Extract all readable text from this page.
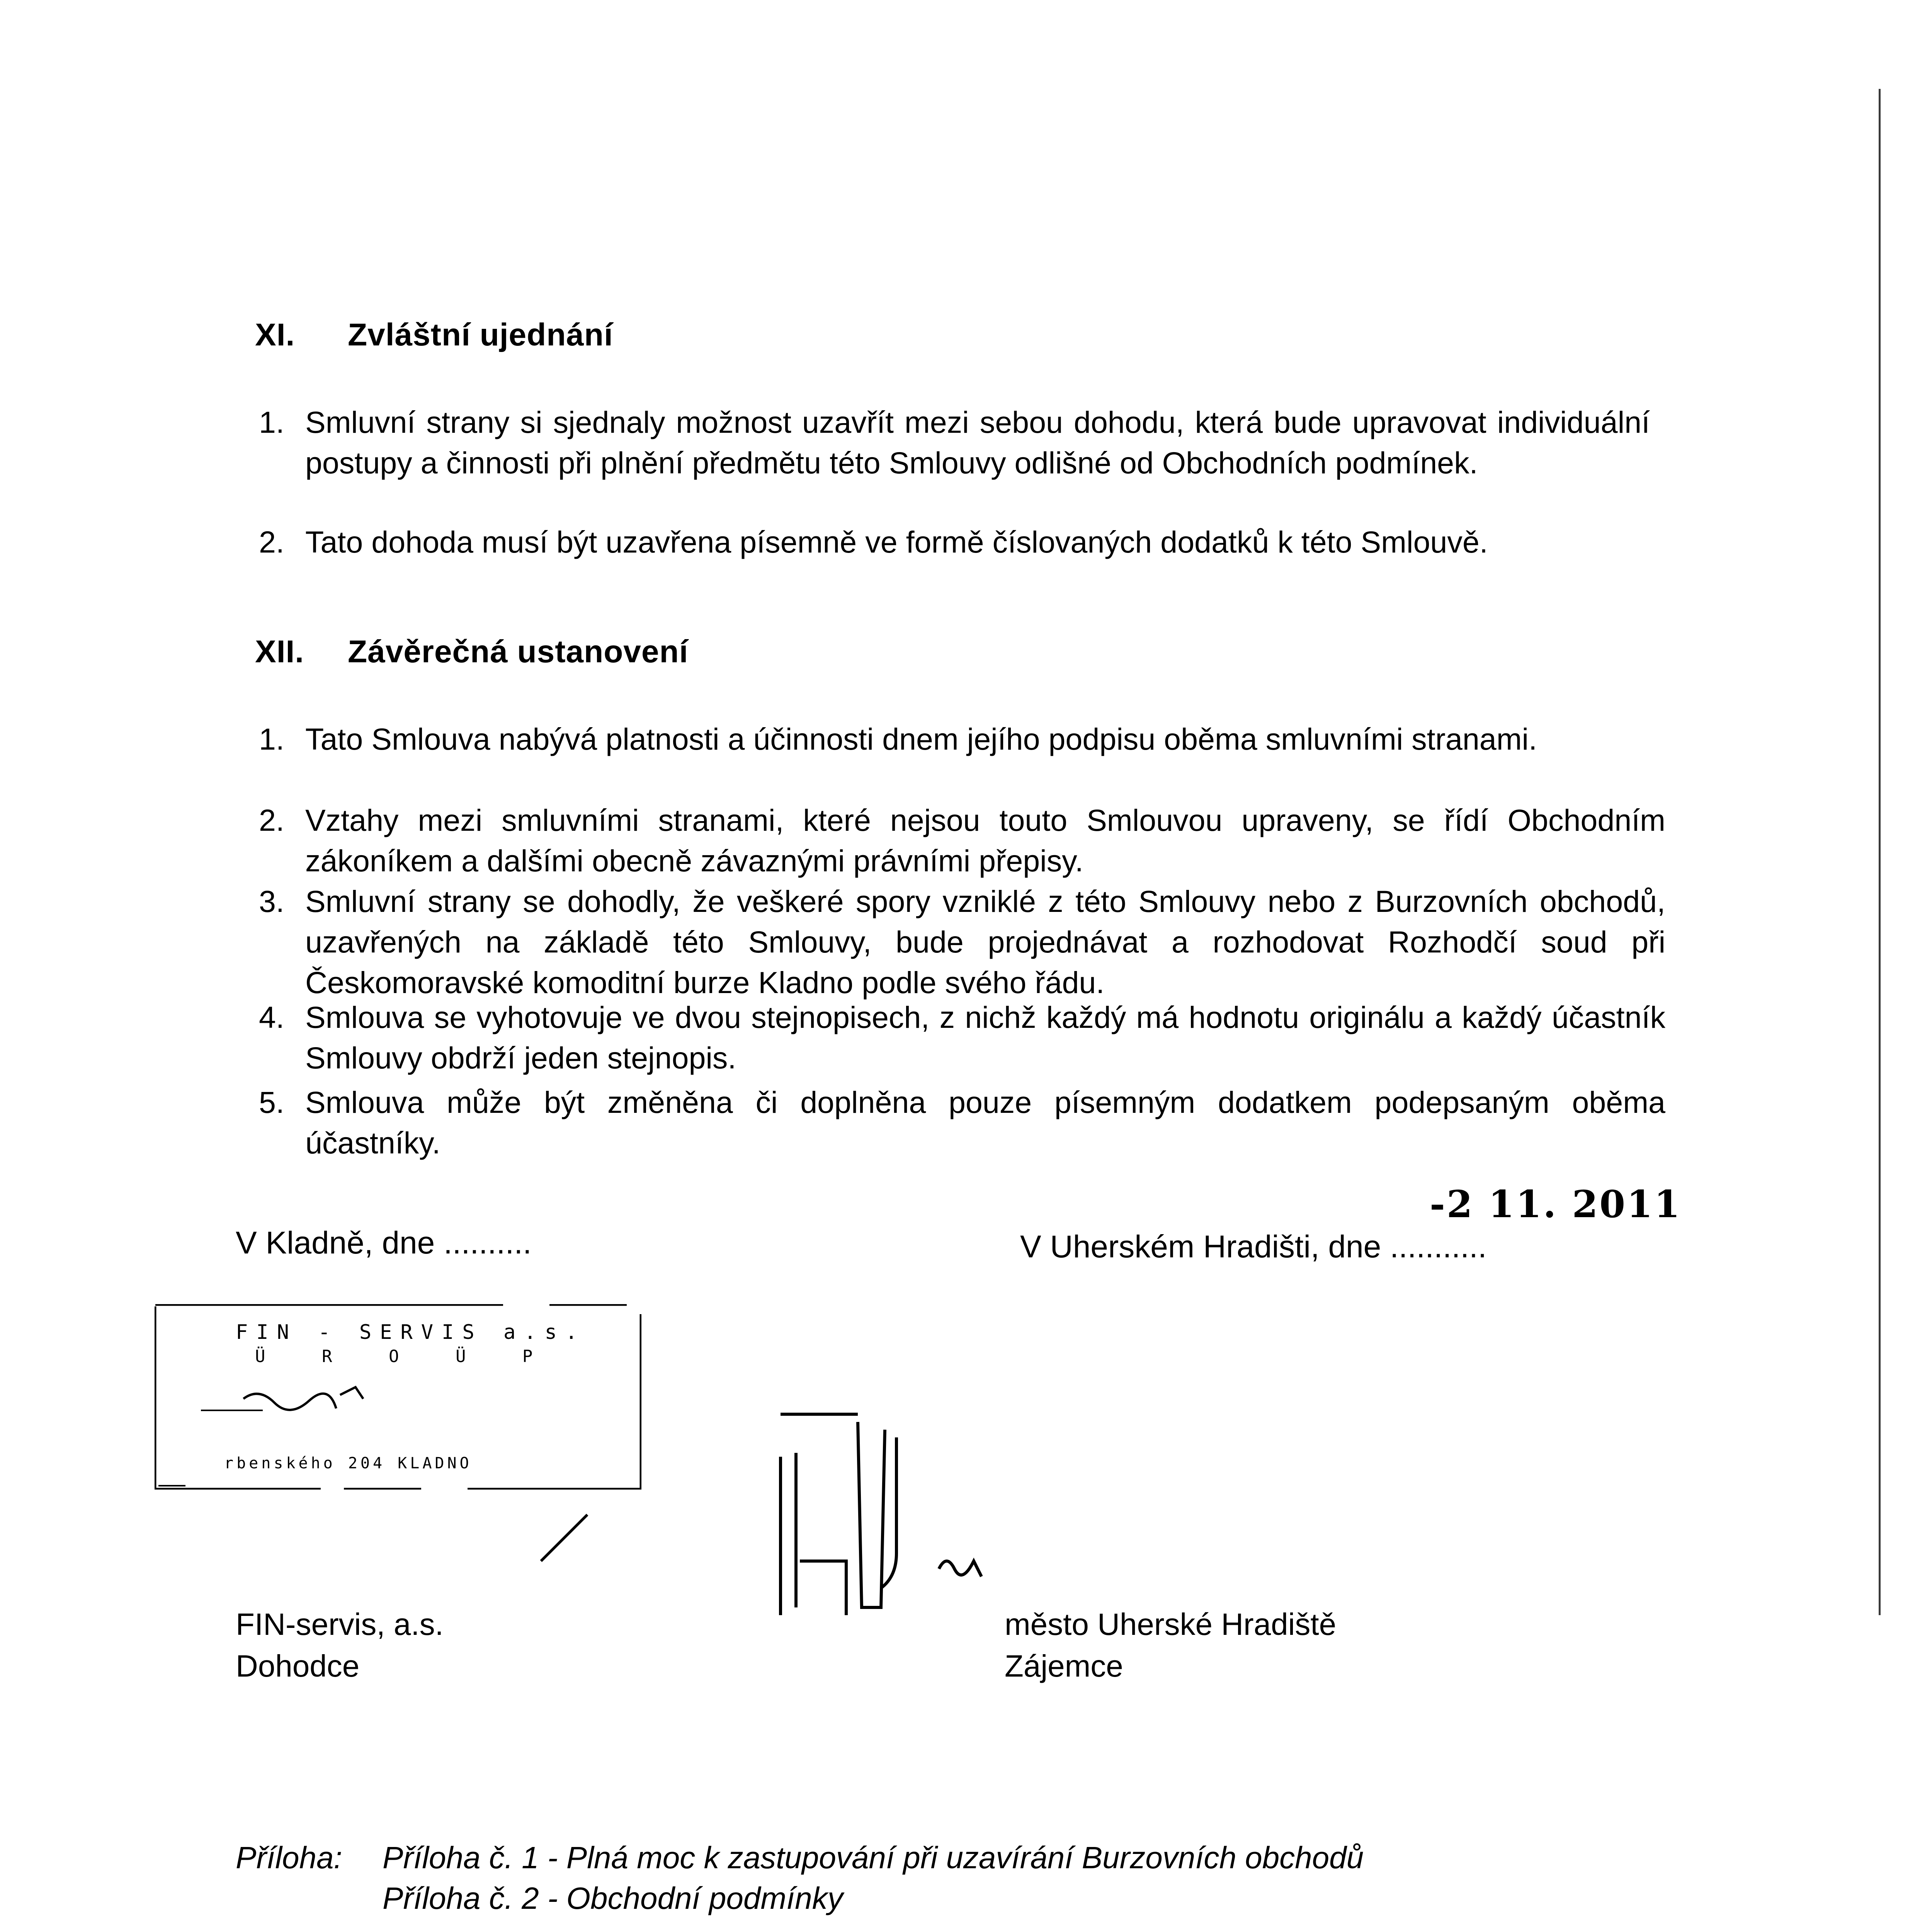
XI. Zvláštní ujednání
1. Smluvní strany si sjednaly možnost uzavřít mezi sebou dohodu, která bude upravovat individuální postupy a činnosti při plnění předmětu této Smlouvy odlišné od Obchodních podmínek.
2. Tato dohoda musí být uzavřena písemně ve formě číslovaných dodatků k této Smlouvě.
XII. Závěrečná ustanovení
1. Tato Smlouva nabývá platnosti a účinnosti dnem jejího podpisu oběma smluvními stranami.
2. Vztahy mezi smluvními stranami, které nejsou touto Smlouvou upraveny, se řídí Obchodním zákoníkem a dalšími obecně závaznými právními přepisy.
3. Smluvní strany se dohodly, že veškeré spory vzniklé z této Smlouvy nebo z Burzovních obchodů, uzavřených na základě této Smlouvy, bude projednávat a rozhodovat Rozhodčí soud při Českomoravské komoditní burze Kladno podle svého řádu.
4. Smlouva se vyhotovuje ve dvou stejnopisech, z nichž každý má hodnotu originálu a každý účastník Smlouvy obdrží jeden stejnopis.
5. Smlouva může být změněna či doplněna pouze písemným dodatkem podepsaným oběma účastníky.
-2 11. 2011
V Kladně, dne ..........	V Uherském Hradišti, dne ...........
FIN - SERVIS a.s.
Ü R O Ü P
rbenského 204 KLADNO
FIN-servis, a.s.
Dohodce
město Uherské Hradiště
Zájemce
Příloha: Příloha č. 1 - Plná moc k zastupování při uzavírání Burzovních obchodů
Příloha č. 2 - Obchodní podmínky
